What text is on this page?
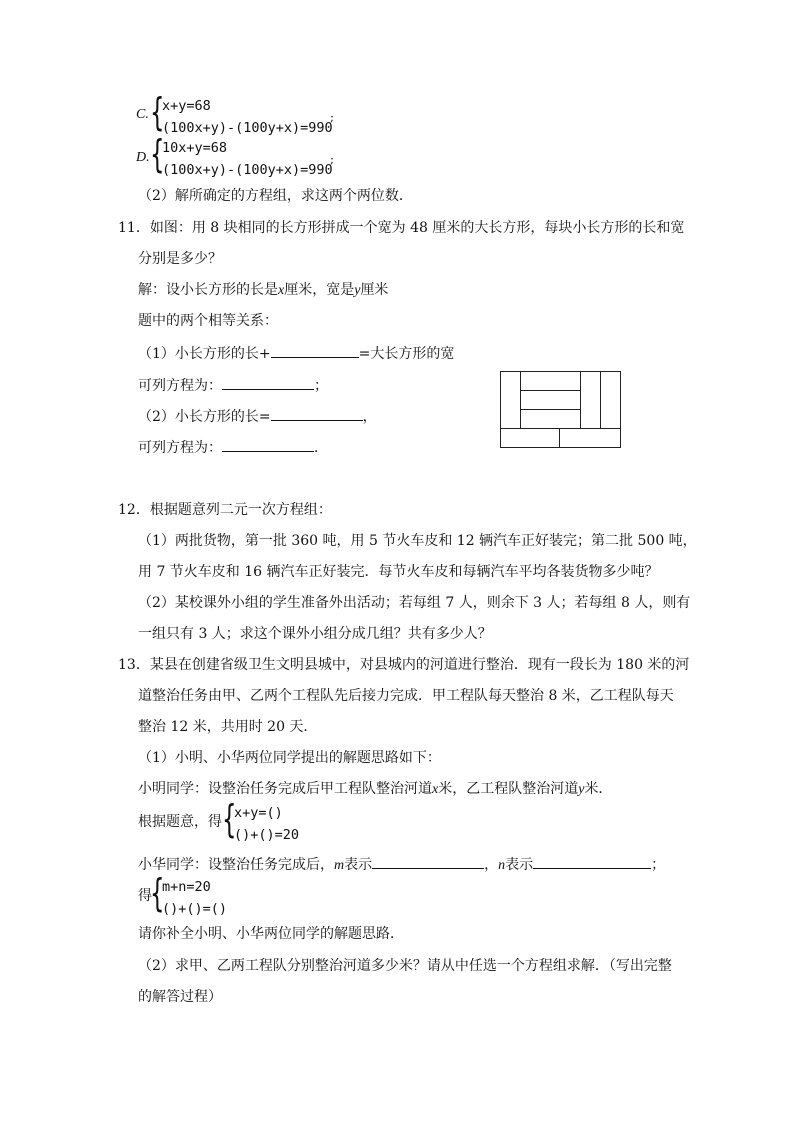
C. {
x+y=68
(100x+y)-(100y+x)=990
;
D. {
10x+y=68
(100x+y)-(100y+x)=990
;
（2）解所确定的方程组，求这两个两位数．
11．如图：用 8 块相同的长方形拼成一个宽为 48 厘米的大长方形，每块小长方形的长和宽
分别是多少？
解：设小长方形的长是x厘米，宽是y厘米
题中的两个相等关系：
（1）小长方形的长+	=大长方形的宽
可列方程为：	；
（2）小长方形的长=	，
可列方程为：	．
12．根据题意列二元一次方程组：
（1）两批货物，第一批 360 吨，用 5 节火车皮和 12 辆汽车正好装完；第二批 500 吨，
用 7 节火车皮和 16 辆汽车正好装完．每节火车皮和每辆汽车平均各装货物多少吨？
（2）某校课外小组的学生准备外出活动；若每组 7 人，则余下 3 人；若每组 8 人，则有
一组只有 3 人；求这个课外小组分成几组？共有多少人？
13．某县在创建省级卫生文明县城中，对县城内的河道进行整治．现有一段长为 180 米的河
道整治任务由甲、乙两个工程队先后接力完成．甲工程队每天整治 8 米，乙工程队每天
整治 12 米，共用时 20 天．
（1）小明、小华两位同学提出的解题思路如下：
小明同学：设整治任务完成后甲工程队整治河道x米，乙工程队整治河道y米．
根据题意，得 {
x+y=()
()+()=20
小华同学：设整治任务完成后，m表示	，n表示	；
得
{
m+n=20
()+()=()
请你补全小明、小华两位同学的解题思路．
（2）求甲、乙两工程队分别整治河道多少米？请从中任选一个方程组求解．（写出完整
的解答过程）
